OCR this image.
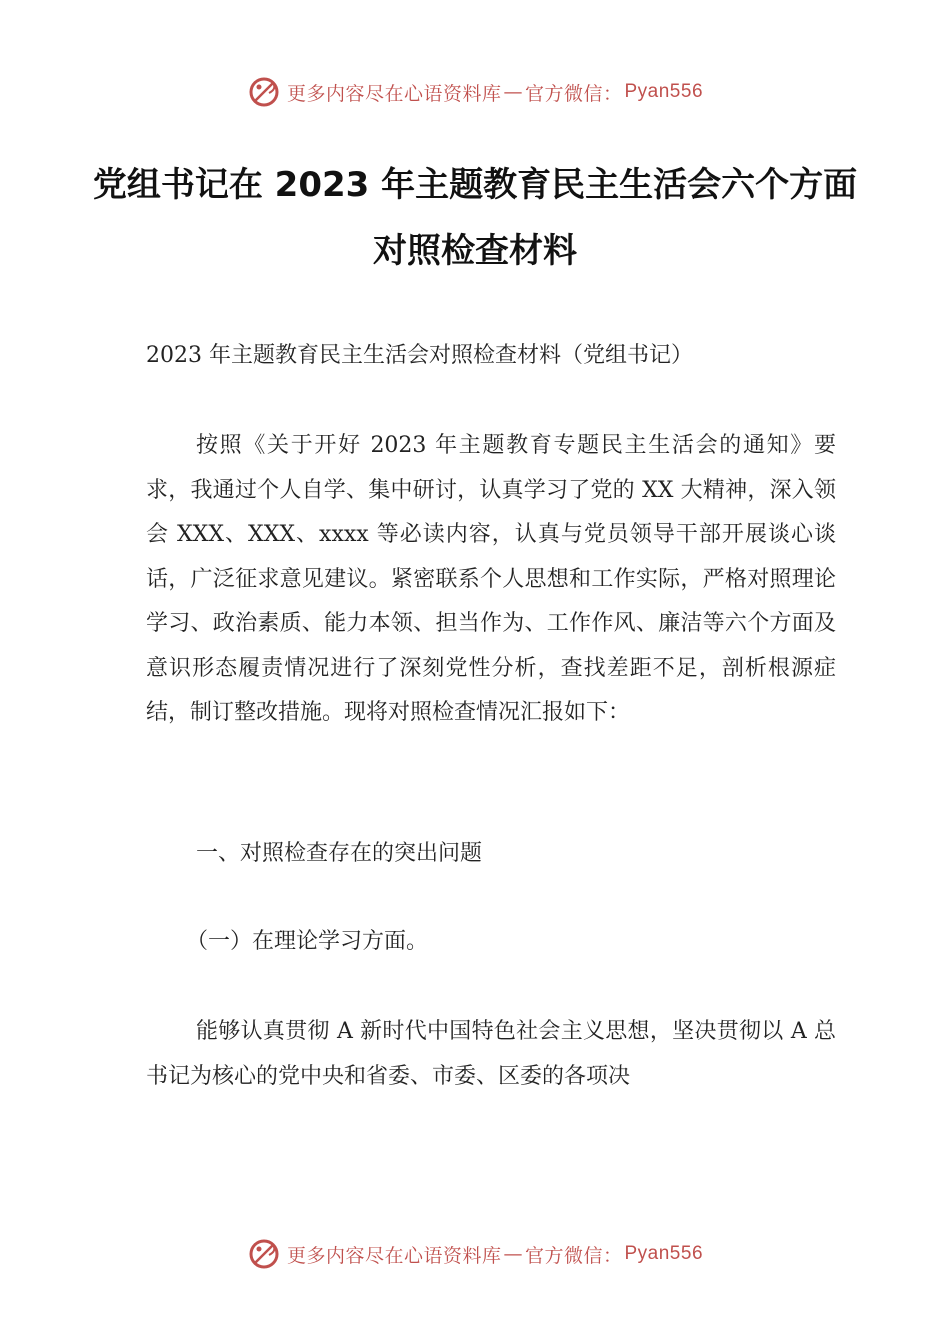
更多内容尽在心语资料库 — 官方微信： Pyan556
党组书记在 2023 年主题教育民主生活会六个方面对照检查材料
2023 年主题教育民主生活会对照检查材料（党组书记）
按照《关于开好 2023 年主题教育专题民主生活会的通知》要求，我通过个人自学、集中研讨，认真学习了党的 XX 大精神，深入领会 XXX、XXX、xxxx 等必读内容，认真与党员领导干部开展谈心谈话，广泛征求意见建议。紧密联系个人思想和工作实际，严格对照理论学习、政治素质、能力本领、担当作为、工作作风、廉洁等六个方面及意识形态履责情况进行了深刻党性分析，查找差距不足，剖析根源症结，制订整改措施。现将对照检查情况汇报如下：
一、对照检查存在的突出问题
（一）在理论学习方面。
能够认真贯彻 A 新时代中国特色社会主义思想，坚决贯彻以 A 总书记为核心的党中央和省委、市委、区委的各项决
更多内容尽在心语资料库 — 官方微信： Pyan556
